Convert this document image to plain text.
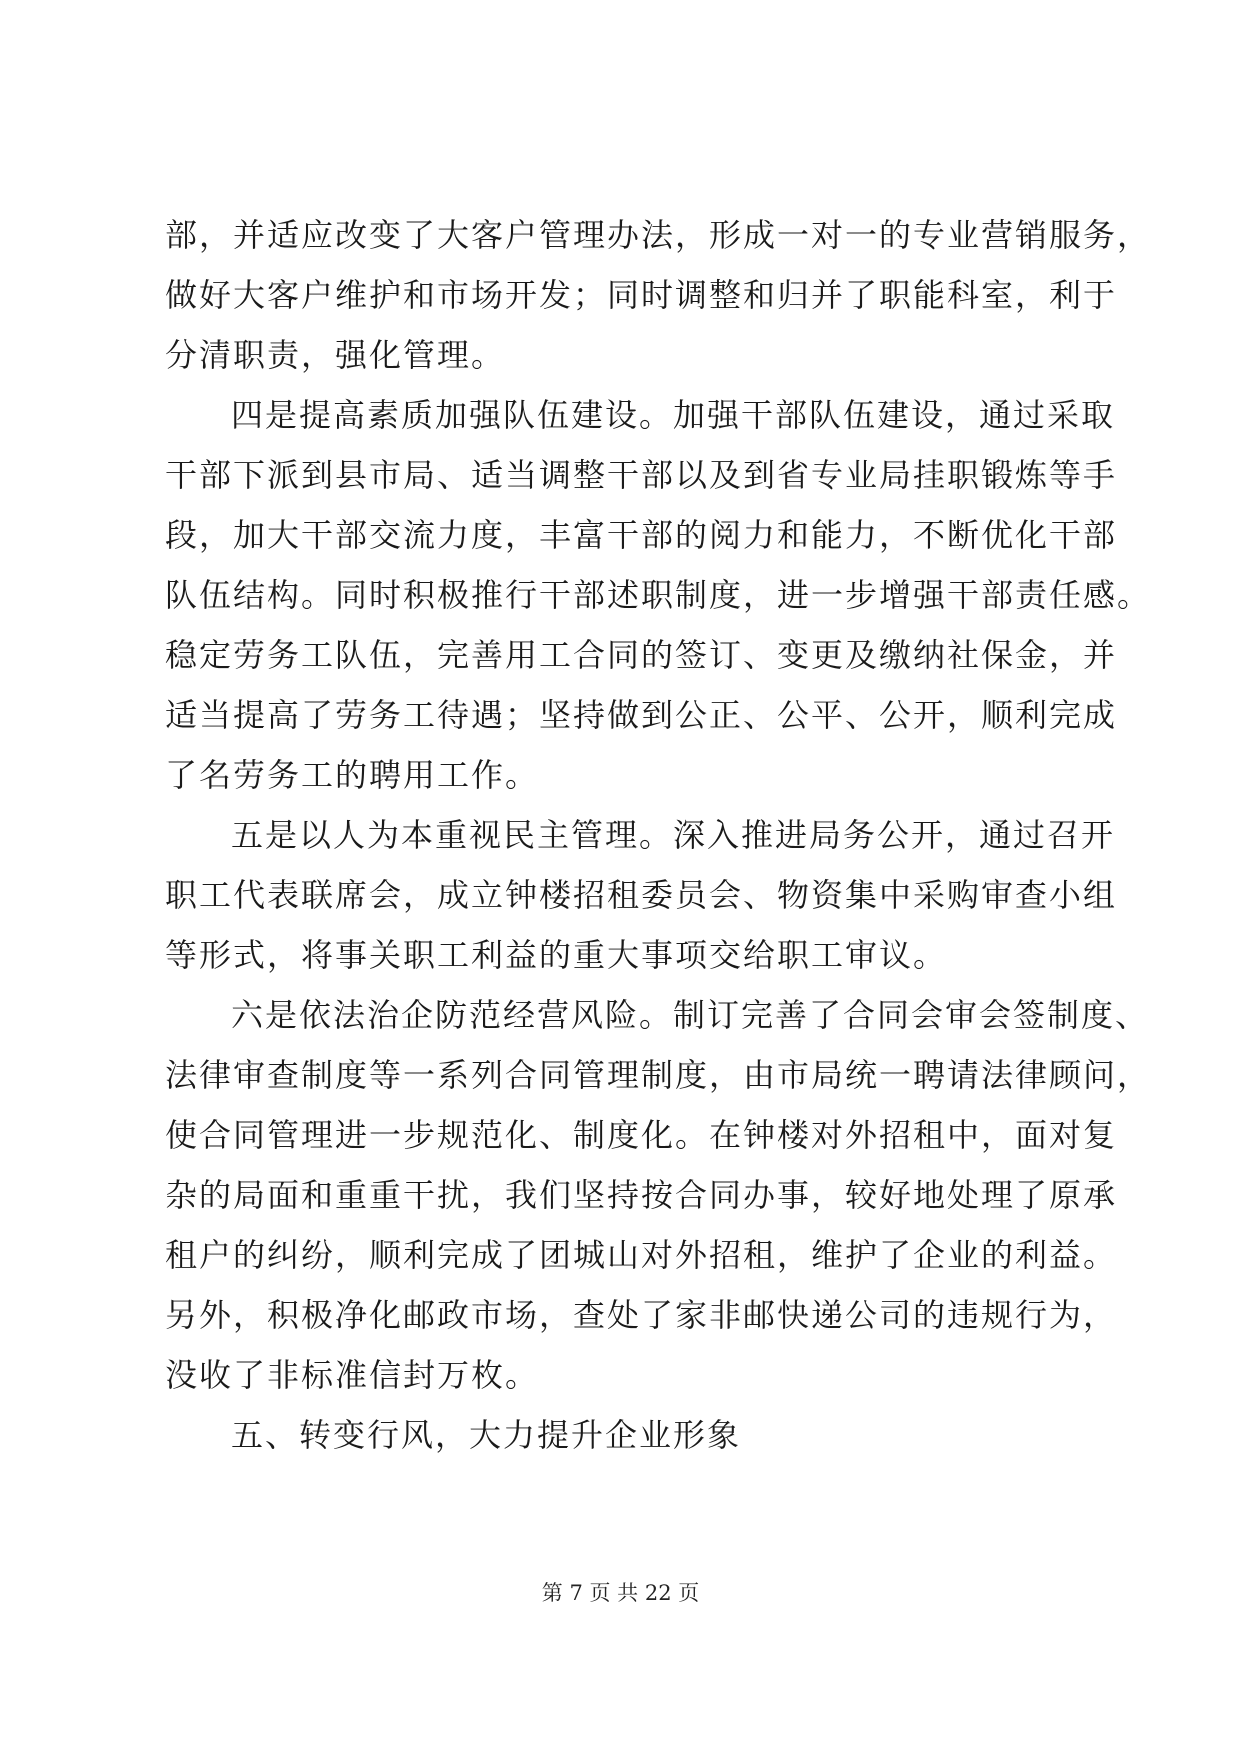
部，并适应改变了大客户管理办法，形成一对一的专业营销服务，
做好大客户维护和市场开发；同时调整和归并了职能科室，利于
分清职责，强化管理。
四是提高素质加强队伍建设。加强干部队伍建设，通过采取
干部下派到县市局、适当调整干部以及到省专业局挂职锻炼等手
段，加大干部交流力度，丰富干部的阅力和能力，不断优化干部
队伍结构。同时积极推行干部述职制度，进一步增强干部责任感。
稳定劳务工队伍，完善用工合同的签订、变更及缴纳社保金，并
适当提高了劳务工待遇；坚持做到公正、公平、公开，顺利完成
了名劳务工的聘用工作。
五是以人为本重视民主管理。深入推进局务公开，通过召开
职工代表联席会，成立钟楼招租委员会、物资集中采购审查小组
等形式，将事关职工利益的重大事项交给职工审议。
六是依法治企防范经营风险。制订完善了合同会审会签制度、
法律审查制度等一系列合同管理制度，由市局统一聘请法律顾问，
使合同管理进一步规范化、制度化。在钟楼对外招租中，面对复
杂的局面和重重干扰，我们坚持按合同办事，较好地处理了原承
租户的纠纷，顺利完成了团城山对外招租，维护了企业的利益。
另外，积极净化邮政市场，查处了家非邮快递公司的违规行为，
没收了非标准信封万枚。
五、转变行风，大力提升企业形象
第 7 页 共 22 页
